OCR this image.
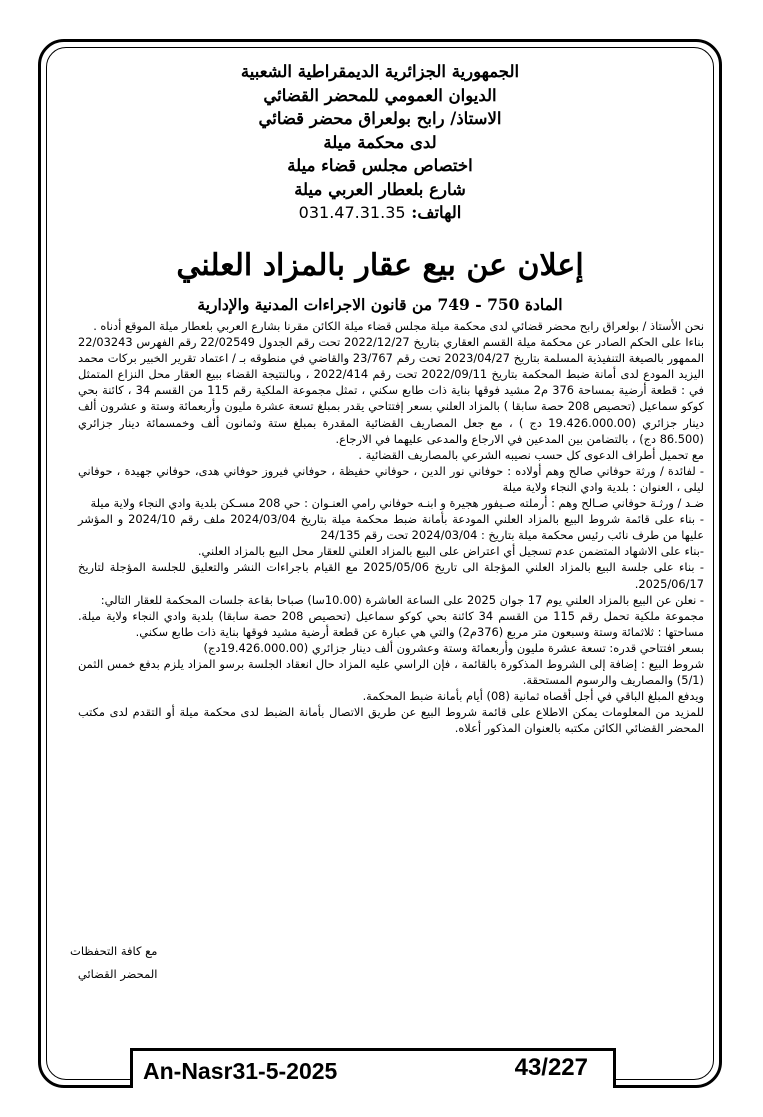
الجمهورية الجزائرية الديمقراطية الشعبية
الديوان العمومي للمحضر القضائي
الاستاذ/ رابح بولعراق محضر قضائي
لدى محكمة ميلة
اختصاص مجلس قضاء ميلة
شارع بلعطار العربي ميلة
الهاتف: 031.47.31.35
إعلان عن بيع عقار بالمزاد العلني
المادة 750 - 749 من قانون الاجراءات المدنية والإدارية

نحن الأستاذ / بولعراق رابح محضر قضائي لدى محكمة ميلة مجلس قضاء ميلة الكائن مقرنا بشارع العربي بلعطار ميلة الموقع أدناه .

بناءا على الحكم الصادر عن محكمة ميلة القسم العقاري بتاريخ 2022/12/27 تحت رقم الجدول 22/02549 رقم الفهرس 22/03243 الممهور بالصيغة التنفيذية المسلمة بتاريخ 2023/04/27 تحت رقم 23/767 والقاضي في منطوقه بـ / اعتماد تقرير الخبير بركات محمد اليزيد المودع لدى أمانة ضبط المحكمة بتاريخ 2022/09/11 تحت رقم 2022/414 ، وبالنتيجة القضاء ببيع العقار محل النزاع المتمثل في : قطعة أرضية بمساحة 376 م2 مشيد فوقها بناية ذات طابع سكني ، تمثل مجموعة الملكية رقم 115 من القسم 34 ، كائنة بحي كوكو سماعيل (تحصيص 208 حصة سابقا ) بالمزاد العلني بسعر إفتتاحي يقدر بمبلغ تسعة عشرة مليون وأربعمائة وستة و عشرون ألف دينار جزائري (19.426.000.00 دج ) ، مع جعل المصاريف القضائية المقدرة بمبلغ ستة وثمانون ألف وخمسمائة دينار جزائري (86.500 دج) ، بالتضامن بين المدعين في الارجاع والمدعى عليهما في الارجاع.

مع تحميل أطراف الدعوى كل حسب نصيبه الشرعي بالمصاريف القضائية .

- لفائدة / ورثة حوفاني صالح وهم أولاده : حوفاني نور الدين ، حوفاني حفيظة ، حوفاني فيروز حوفاني هدى، حوفاني جهيدة ، حوفاني ليلى ، العنوان : بلدية وادي النجاء ولاية ميلة

ضـد / ورثـة حوفاني صـالح وهم : أرملته صـيفور هجيرة و ابنـه حوفاني رامي العنـوان : حي 208 مسـكن بلدية وادي النجاء ولاية ميلة

- بناء على قائمة شروط البيع بالمزاد العلني المودعة بأمانة ضبط محكمة ميلة بتاريخ 2024/03/04 ملف رقم 2024/10 و المؤشر عليها من طرف نائب رئيس محكمة ميلة بتاريخ : 2024/03/04 تحت رقم 24/135

-بناء على الاشهاد المتضمن عدم تسجيل أي اعتراض على البيع بالمزاد العلني للعقار محل البيع بالمزاد العلني.

- بناء على جلسة البيع بالمزاد العلني المؤجلة الى تاريخ 2025/05/06 مع القيام باجراءات النشر والتعليق للجلسة المؤجلة لتاريخ 2025/06/17.

- نعلن عن البيع بالمزاد العلني يوم 17 جوان 2025 على الساعة العاشرة (10.00سا) صباحا بقاعة جلسات المحكمة للعقار التالي:

مجموعة ملكية تحمل رقم 115 من القسم 34 كائنة بحي كوكو سماعيل (تحصيص 208 حصة سابقا) بلدية وادي النجاء ولاية ميلة. مساحتها : ثلاثمائة وستة وسبعون متر مربع (376م2) والتي هي عبارة عن قطعة أرضية مشيد فوقها بناية ذات طابع سكني.

بسعر افتتاحي قدره: تسعة عشرة مليون وأربعمائة وستة وعشرون ألف دينار جزائري (19.426.000.00دج)

شروط البيع : إضافة إلى الشروط المذكورة بالقائمة ، فإن الراسي عليه المزاد حال انعقاد الجلسة برسو المزاد يلزم بدفع خمس الثمن (5/1) والمصاريف والرسوم المستحقة.

ويدفع المبلغ الباقي في أجل أقصاه ثمانية (08) أيام بأمانة ضبط المحكمة.

للمزيد من المعلومات يمكن الاطلاع على قائمة شروط البيع عن طريق الاتصال بأمانة الضبط لدى محكمة ميلة أو التقدم لدى مكتب المحضر القضائي الكائن مكتبه بالعنوان المذكور أعلاه.

مع كافة التحفظات
المحضر القضائي
An-Nasr31-5-2025	43/227
